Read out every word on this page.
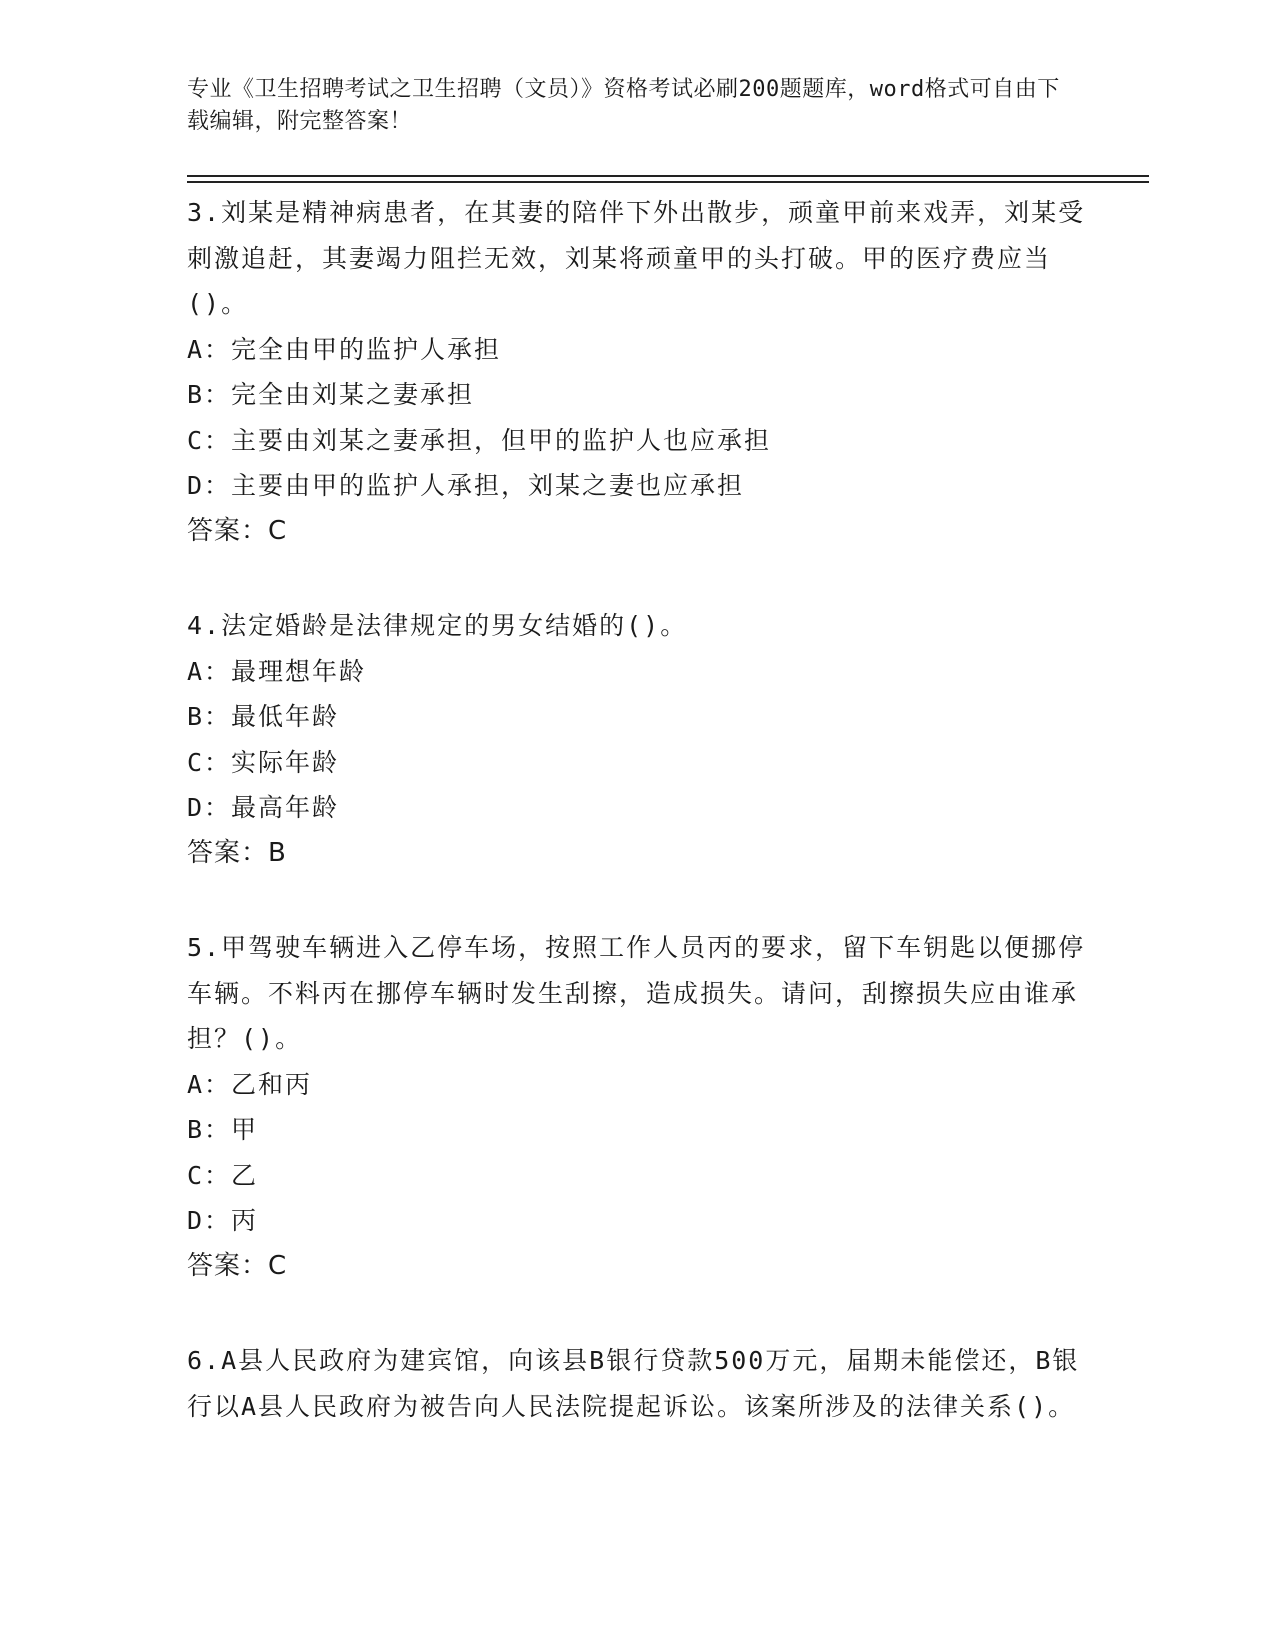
专业《卫生招聘考试之卫生招聘（文员）》资格考试必刷200题题库，word格式可自由下载编辑，附完整答案！
3.刘某是精神病患者，在其妻的陪伴下外出散步，顽童甲前来戏弄，刘某受刺激追赶，其妻竭力阻拦无效，刘某将顽童甲的头打破。甲的医疗费应当()。
A：完全由甲的监护人承担
B：完全由刘某之妻承担
C：主要由刘某之妻承担，但甲的监护人也应承担
D：主要由甲的监护人承担，刘某之妻也应承担
答案：C
4.法定婚龄是法律规定的男女结婚的()。
A：最理想年龄
B：最低年龄
C：实际年龄
D：最高年龄
答案：B
5.甲驾驶车辆进入乙停车场，按照工作人员丙的要求，留下车钥匙以便挪停车辆。不料丙在挪停车辆时发生刮擦，造成损失。请问，刮擦损失应由谁承担？()。
A：乙和丙
B：甲
C：乙
D：丙
答案：C
6.A县人民政府为建宾馆，向该县B银行贷款500万元，届期未能偿还，B银行以A县人民政府为被告向人民法院提起诉讼。该案所涉及的法律关系()。
